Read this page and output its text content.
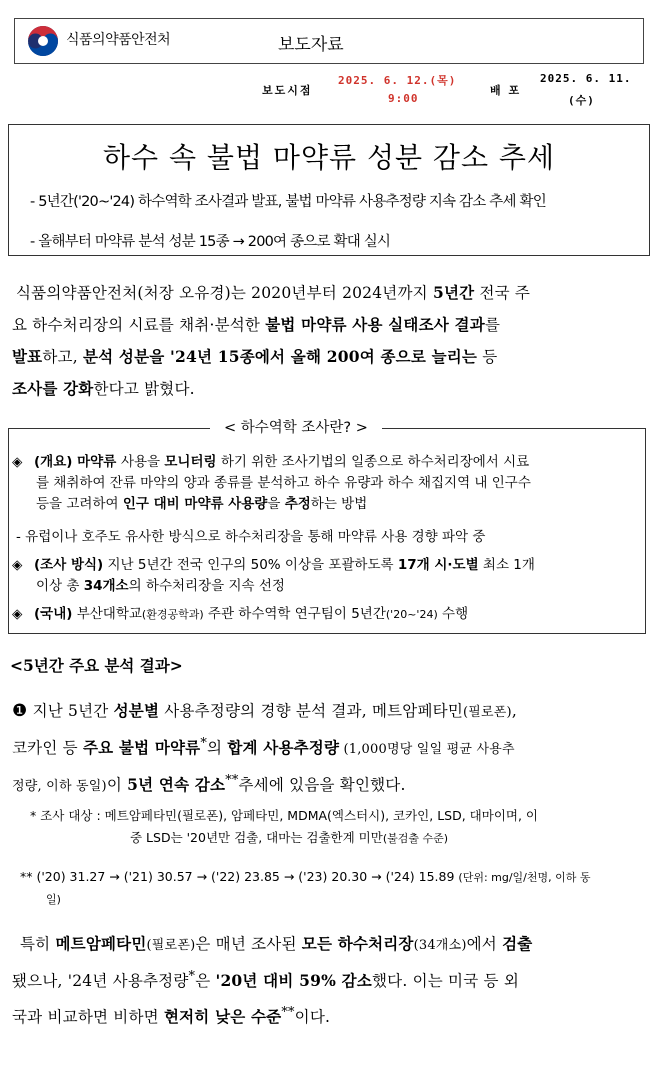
식품의약품안전처	보도자료
보도시점
2025. 6. 12.(목)
9:00
배 포
2025. 6. 11.
(수)
하수 속 불법 마약류 성분 감소 추세
- 5년간('20~'24) 하수역학 조사결과 발표, 불법 마약류 사용추정량 지속 감소 추세 확인
- 올해부터 마약류 분석 성분 15종 → 200여 종으로 확대 실시
식품의약품안전처(처장 오유경)는 2020년부터 2024년까지 5년간 전국 주
요 하수처리장의 시료를 채취·분석한 불법 마약류 사용 실태조사 결과를
발표하고, 분석 성분을 '24년 15종에서 올해 200여 종으로 늘리는 등
조사를 강화한다고 밝혔다.
< 하수역학 조사란? >
◈ (개요) 마약류 사용을 모니터링 하기 위한 조사기법의 일종으로 하수처리장에서 시료
를 채취하여 잔류 마약의 양과 종류를 분석하고 하수 유량과 하수 채집지역 내 인구수
등을 고려하여 인구 대비 마약류 사용량을 추정하는 방법
- 유럽이나 호주도 유사한 방식으로 하수처리장을 통해 마약류 사용 경향 파악 중
◈ (조사 방식) 지난 5년간 전국 인구의 50% 이상을 포괄하도록 17개 시·도별 최소 1개
이상 총 34개소의 하수처리장을 지속 선정
◈ (국내) 부산대학교(환경공학과) 주관 하수역학 연구팀이 5년간('20~'24) 수행
<5년간 주요 분석 결과>
❶ 지난 5년간 성분별 사용추정량의 경향 분석 결과, 메트암페타민(필로폰),
코카인 등 주요 불법 마약류*의 합계 사용추정량 (1,000명당 일일 평균 사용추
정량, 이하 동일)이 5년 연속 감소**추세에 있음을 확인했다.
* 조사 대상 : 메트암페타민(필로폰), 암페타민, MDMA(엑스터시), 코카인, LSD, 대마이며, 이
중 LSD는 '20년만 검출, 대마는 검출한계 미만(불검출 수준)
** ('20) 31.27 → ('21) 30.57 → ('22) 23.85 → ('23) 20.30 → ('24) 15.89 (단위: mg/일/천명, 이하 동
일)
특히 메트암페타민(필로폰)은 매년 조사된 모든 하수처리장(34개소)에서 검출
됐으나, '24년 사용추정량*은 '20년 대비 59% 감소했다. 이는 미국 등 외
국과 비교하면 비하면 현저히 낮은 수준**이다.
